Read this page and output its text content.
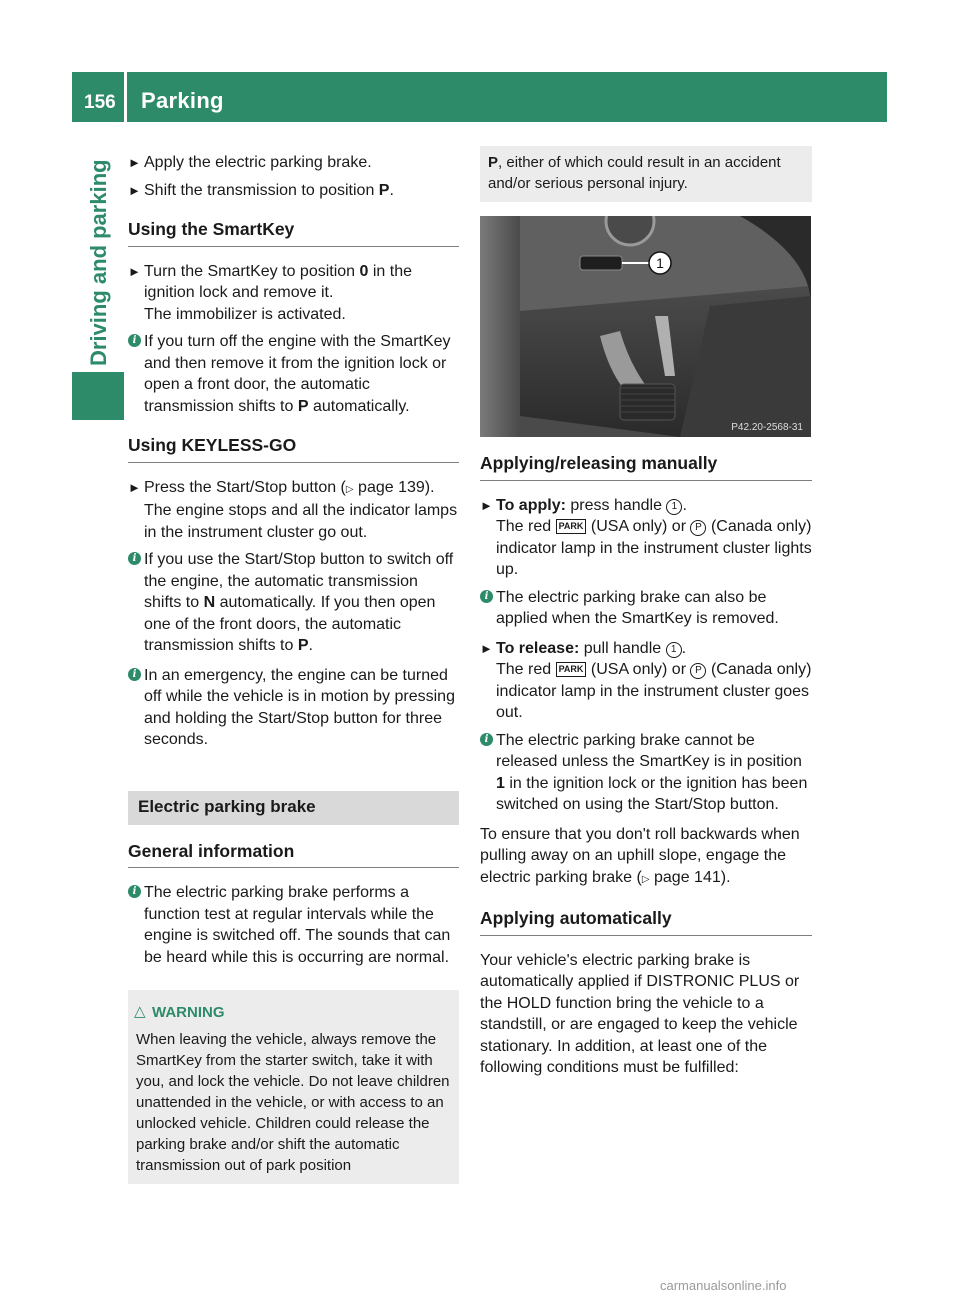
156 Parking
Driving and parking ► Apply the electric parking brake.
► Shift the transmission to position P.
Using the SmartKey
► Turn the SmartKey to position 0 in the ignition lock and remove it.
The immobilizer is activated.
i If you turn off the engine with the SmartKey and then remove it from the ignition lock or open a front door, the automatic transmission shifts to P automatically.
Using KEYLESS-GO
► Press the Start/Stop button (▷ page 139).
The engine stops and all the indicator lamps in the instrument cluster go out.
i If you use the Start/Stop button to switch off the engine, the automatic transmission shifts to N automatically. If you then open one of the front doors, the automatic transmission shifts to P.
i In an emergency, the engine can be turned off while the vehicle is in motion by pressing and holding the Start/Stop button for three seconds.
Electric parking brake
General information
i The electric parking brake performs a function test at regular intervals while the engine is switched off. The sounds that can be heard while this is occurring are normal.
△ WARNING
When leaving the vehicle, always remove the SmartKey from the starter switch, take it with you, and lock the vehicle. Do not leave children unattended in the vehicle, or with access to an unlocked vehicle. Children could release the parking brake and/or shift the automatic transmission out of park position
P, either of which could result in an accident and/or serious personal injury.
1
P42.20-2568-31
Applying/releasing manually
► To apply: press handle 1 .
The red PARK (USA only) or P (Canada only) indicator lamp in the instrument cluster lights up.
i The electric parking brake can also be applied when the SmartKey is removed.
► To release: pull handle 1 .
The red PARK (USA only) or P (Canada only) indicator lamp in the instrument cluster goes out.
i The electric parking brake cannot be released unless the SmartKey is in position 1 in the ignition lock or the ignition has been switched on using the Start/Stop button.
To ensure that you don't roll backwards when pulling away on an uphill slope, engage the electric parking brake (▷ page 141).
Applying automatically
Your vehicle's electric parking brake is automatically applied if DISTRONIC PLUS or the HOLD function bring the vehicle to a standstill, or are engaged to keep the vehicle stationary. In addition, at least one of the following conditions must be fulfilled:
carmanualsonline.info
